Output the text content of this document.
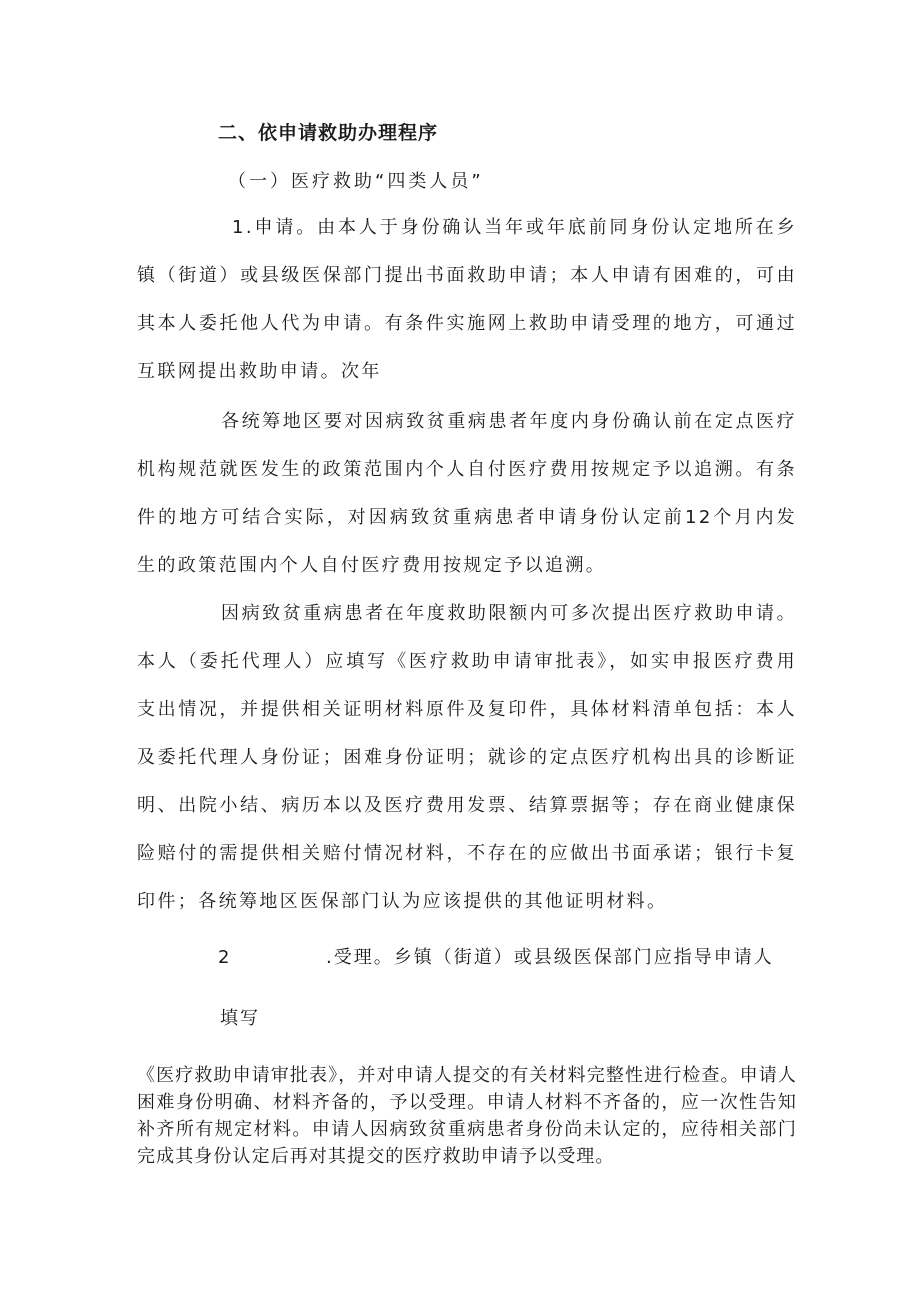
二、依申请救助办理程序
（一）医疗救助“四类人员”
1.申请。由本人于身份确认当年或年底前同身份认定地所在乡镇（街道）或县级医保部门提出书面救助申请；本人申请有困难的，可由其本人委托他人代为申请。有条件实施网上救助申请受理的地方，可通过互联网提出救助申请。次年
各统筹地区要对因病致贫重病患者年度内身份确认前在定点医疗机构规范就医发生的政策范围内个人自付医疗费用按规定予以追溯。有条件的地方可结合实际，对因病致贫重病患者申请身份认定前12个月内发生的政策范围内个人自付医疗费用按规定予以追溯。
因病致贫重病患者在年度救助限额内可多次提出医疗救助申请。本人（委托代理人）应填写《医疗救助申请审批表》，如实申报医疗费用支出情况，并提供相关证明材料原件及复印件，具体材料清单包括：本人及委托代理人身份证；困难身份证明；就诊的定点医疗机构出具的诊断证明、出院小结、病历本以及医疗费用发票、结算票据等；存在商业健康保险赔付的需提供相关赔付情况材料，不存在的应做出书面承诺；银行卡复印件；各统筹地区医保部门认为应该提供的其他证明材料。
2	.受理。乡镇（街道）或县级医保部门应指导申请人
填写
《医疗救助申请审批表》，并对申请人提交的有关材料完整性进行检查。申请人困难身份明确、材料齐备的，予以受理。申请人材料不齐备的，应一次性告知补齐所有规定材料。申请人因病致贫重病患者身份尚未认定的，应待相关部门完成其身份认定后再对其提交的医疗救助申请予以受理。
